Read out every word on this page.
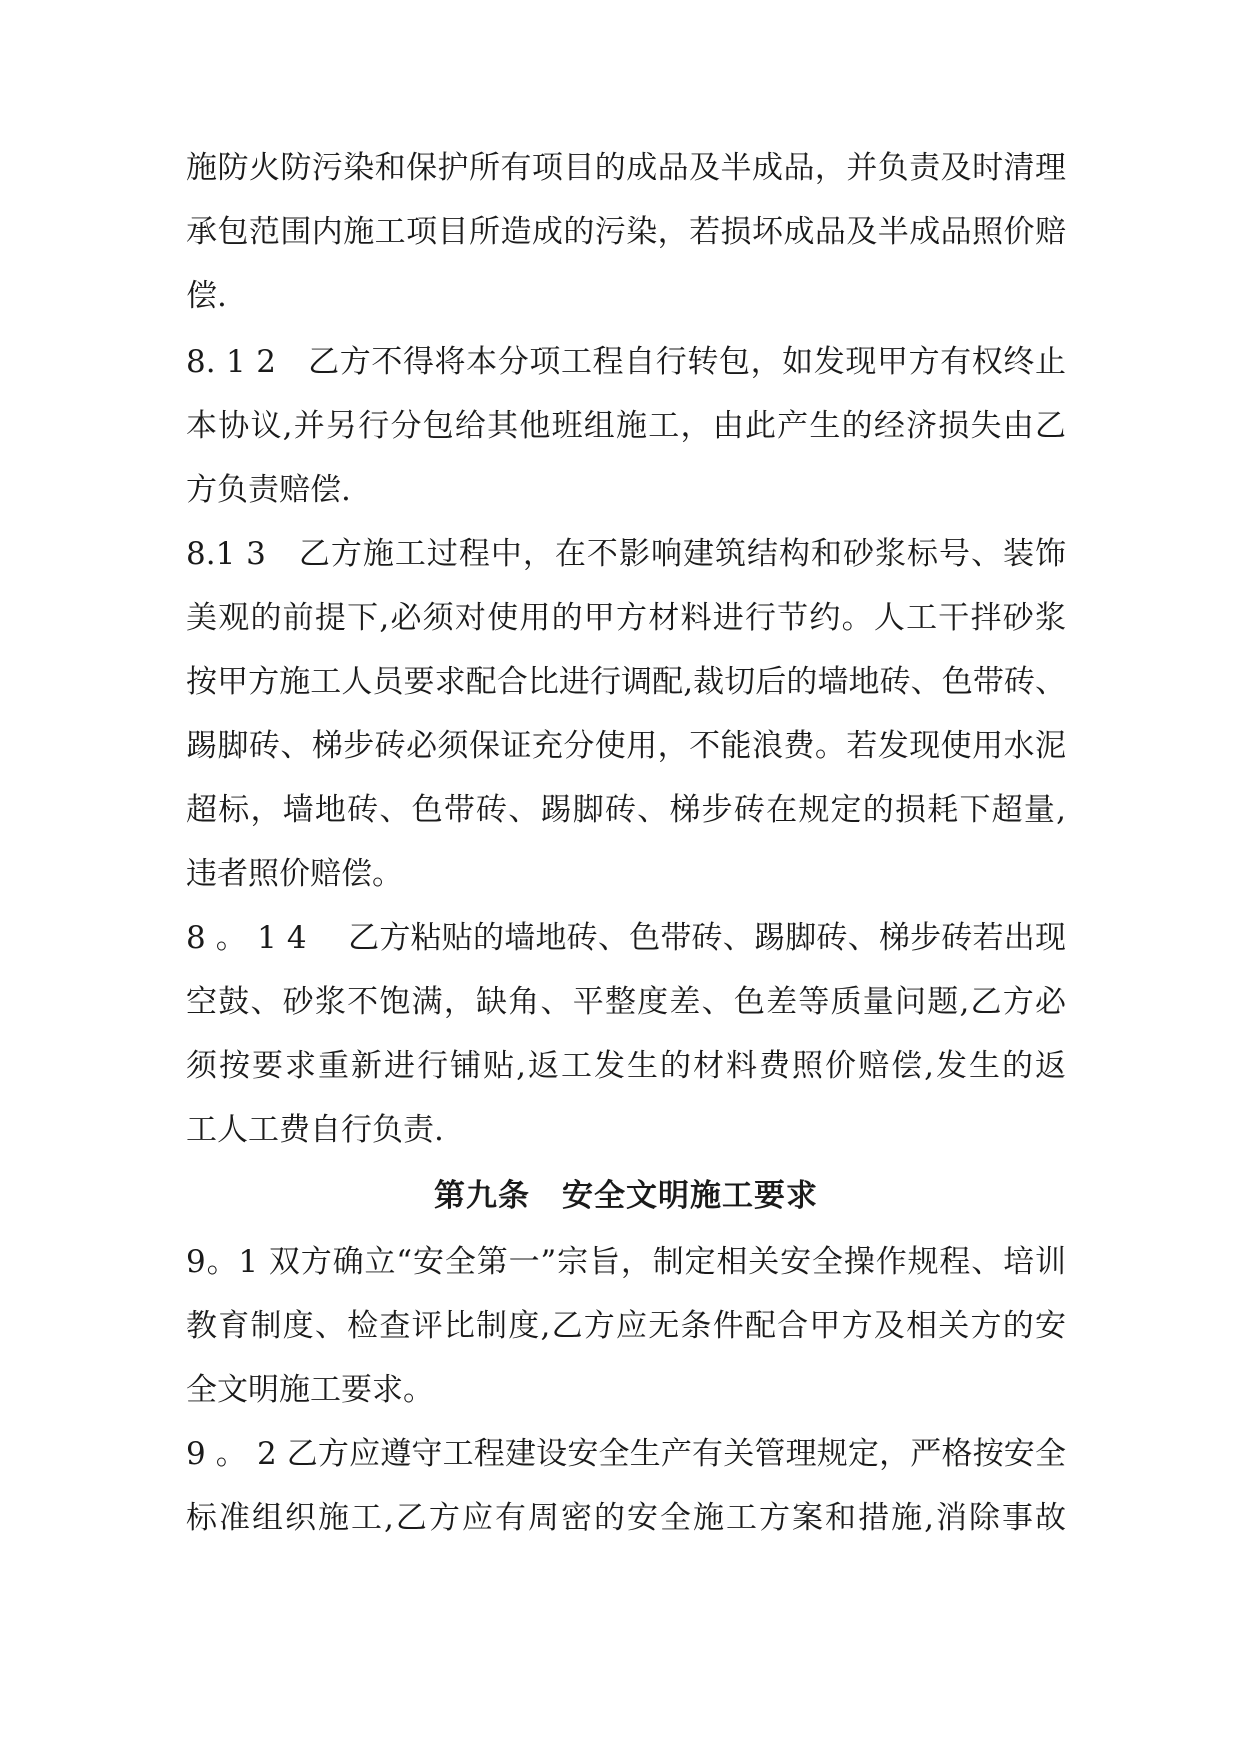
施防火防污染和保护所有项目的成品及半成品，并负责及时清理
承包范围内施工项目所造成的污染，若损坏成品及半成品照价赔
偿.
8. 1 2　乙方不得将本分项工程自行转包，如发现甲方有权终止
本协议,并另行分包给其他班组施工，由此产生的经济损失由乙
方负责赔偿.
8.1 3　乙方施工过程中，在不影响建筑结构和砂浆标号、装饰
美观的前提下,必须对使用的甲方材料进行节约。人工干拌砂浆
按甲方施工人员要求配合比进行调配,裁切后的墙地砖、色带砖、
踢脚砖、梯步砖必须保证充分使用，不能浪费。若发现使用水泥
超标，墙地砖、色带砖、踢脚砖、梯步砖在规定的损耗下超量,
违者照价赔偿。
8 。 1 4　 乙方粘贴的墙地砖、色带砖、踢脚砖、梯步砖若出现
空鼓、砂浆不饱满，缺角、平整度差、色差等质量问题,乙方必
须按要求重新进行铺贴,返工发生的材料费照价赔偿,发生的返
工人工费自行负责.
第九条　安全文明施工要求
9。1 双方确立“安全第一”宗旨，制定相关安全操作规程、培训
教育制度、检查评比制度,乙方应无条件配合甲方及相关方的安
全文明施工要求。
9 。 2 乙方应遵守工程建设安全生产有关管理规定，严格按安全
标准组织施工,乙方应有周密的安全施工方案和措施,消除事故
